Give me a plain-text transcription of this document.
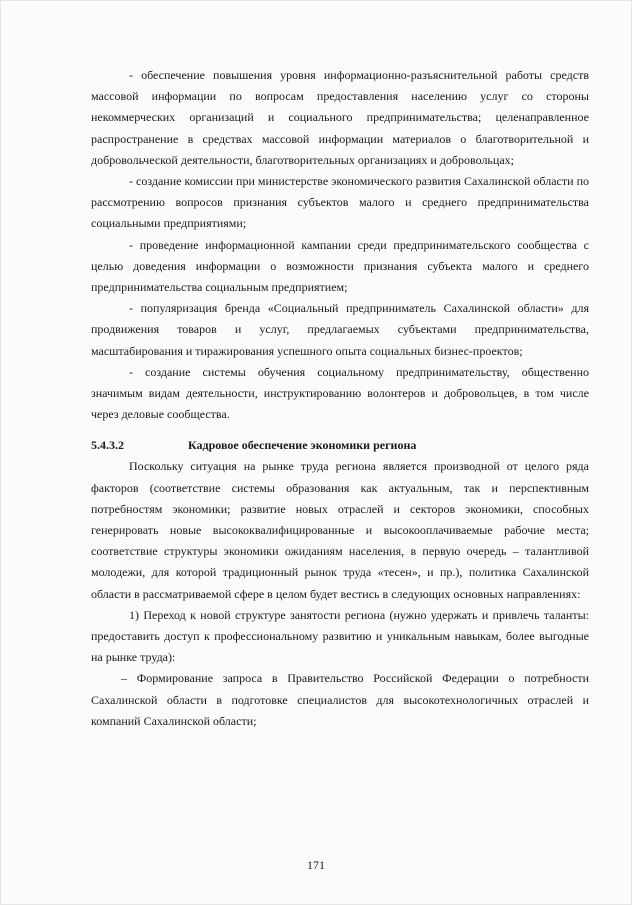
- обеспечение повышения уровня информационно-разъяснительной работы средств массовой информации по вопросам предоставления населению услуг со стороны некоммерческих организаций и социального предпринимательства; целенаправленное распространение в средствах массовой информации материалов о благотворительной и добровольческой деятельности, благотворительных организациях и добровольцах;

- создание комиссии при министерстве экономического развития Сахалинской области по рассмотрению вопросов признания субъектов малого и среднего предпринимательства социальными предприятиями;

- проведение информационной кампании среди предпринимательского сообщества с целью доведения информации о возможности признания субъекта малого и среднего предпринимательства социальным предприятием;

- популяризация бренда «Социальный предприниматель Сахалинской области» для продвижения товаров и услуг, предлагаемых субъектами предпринимательства, масштабирования и тиражирования успешного опыта социальных бизнес-проектов;

- создание системы обучения социальному предпринимательству, общественно значимым видам деятельности, инструктированию волонтеров и добровольцев, в том числе через деловые сообщества.

5.4.3.2	Кадровое обеспечение экономики региона

Поскольку ситуация на рынке труда региона является производной от целого ряда факторов (соответствие системы образования как актуальным, так и перспективным потребностям экономики; развитие новых отраслей и секторов экономики, способных генерировать новые высококвалифицированные и высокооплачиваемые рабочие места; соответствие структуры экономики ожиданиям населения, в первую очередь – талантливой молодежи, для которой традиционный рынок труда «тесен», и пр.), политика Сахалинской области в рассматриваемой сфере в целом будет вестись в следующих основных направлениях:

1) Переход к новой структуре занятости региона (нужно удержать и привлечь таланты: предоставить доступ к профессиональному развитию и уникальным навыкам, более выгодные на рынке труда):

– Формирование запроса в Правительство Российской Федерации о потребности Сахалинской области в подготовке специалистов для высокотехнологичных отраслей и компаний Сахалинской области;

171
